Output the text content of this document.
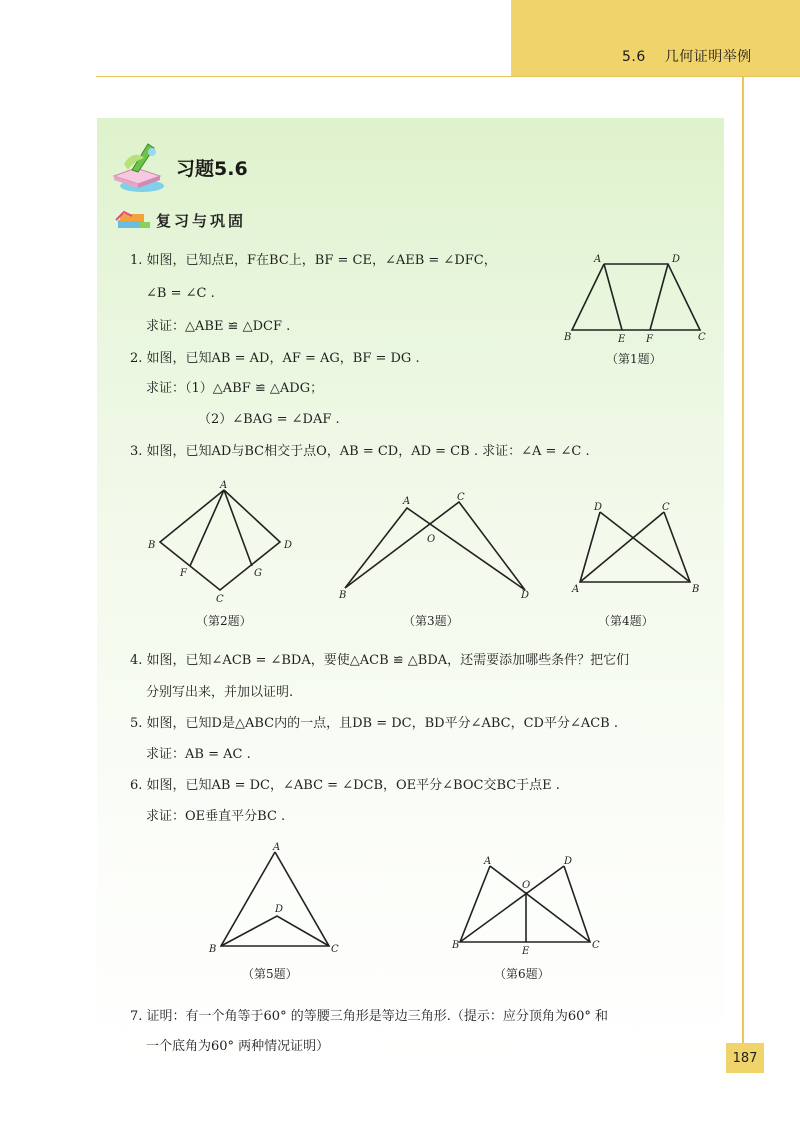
5.6 几何证明举例
习题5.6
复习与巩固
1. 如图，已知点E，F在BC上，BF = CE，∠AEB = ∠DFC，
∠B = ∠C .
求证：△ABE ≌ △DCF .
A	D
B	E F	C
（第1题）
2. 如图，已知AB = AD，AF = AG，BF = DG .
求证：（1）△ABF ≌ △ADG；
（2）∠BAG = ∠DAF .
3. 如图，已知AD与BC相交于点O，AB = CD，AD = CB . 求证：∠A = ∠C .
A
B	D
F	G
C
（第2题）
A	C
O
B	D
（第3题）
D	C
A	B
（第4题）
4. 如图，已知∠ACB = ∠BDA，要使△ACB ≌ △BDA，还需要添加哪些条件？把它们
分别写出来，并加以证明.
5. 如图，已知D是△ABC内的一点，且DB = DC，BD平分∠ABC，CD平分∠ACB .
求证：AB = AC .
6. 如图，已知AB = DC，∠ABC = ∠DCB，OE平分∠BOC交BC于点E .
求证：OE垂直平分BC .
A
D
B	C
（第5题）
A	D
O
B
E
C
（第6题）
7. 证明：有一个角等于60° 的等腰三角形是等边三角形.（提示：应分顶角为60° 和
一个底角为60° 两种情况证明）
187
